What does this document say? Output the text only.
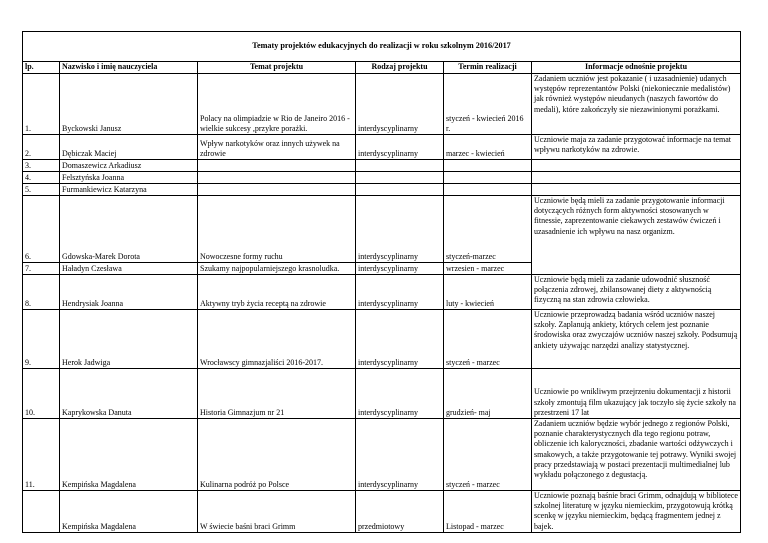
Tematy projektów edukacyjnych do realizacji w roku szkolnym 2016/2017					
lp.	Nazwisko i imię nauczyciela	Temat projektu	Rodzaj projektu	Termin realizacji	Informacje odnośnie projektu
1.	Byckowski Janusz	Polacy na olimpiadzie w Rio de Janeiro 2016 - wielkie sukcesy ,przykre porażki.	interdyscyplinarny	styczeń - kwiecień 2016 r.	Zadaniem uczniów jest pokazanie ( i uzasadnienie) udanych występów reprezentantów Polski (niekoniecznie medalistów) jak również występów nieudanych (naszych fawortów do medali), które zakończyły sie niezawinionymi porażkami.
2.	Dębiczak Maciej	Wpływ narkotyków oraz innych używek na zdrowie	interdyscyplinarny	marzec - kwiecień	Uczniowie maja za zadanie przygotować informacje na temat wpływu narkotyków na zdrowie.
3.	Domaszewicz Arkadiusz				
4.	Felsztyńska Joanna				
5.	Furmankiewicz Katarzyna				
6.	Gdowska-Marek Dorota	Nowoczesne formy ruchu	interdyscyplinarny	styczeń-marzec	Uczniowie będą mieli za zadanie przygotowanie informacji dotyczących różnych form aktywności stosowanych w fitnessie, zaprezentowanie ciekawych zestawów ćwiczeń i uzasadnienie ich wpływu na nasz organizm.
7.	Haładyn Czesława	Szukamy najpopularniejszego krasnoludka.	interdyscyplinarny	wrzesien - marzec	
8.	Hendrysiak Joanna	Aktywny tryb życia receptą na zdrowie	interdyscyplinarny	luty - kwiecień	Uczniowie będą mieli za zadanie udowodnić słuszność połączenia zdrowej, zbilansowanej diety z aktywnością fizyczną na stan zdrowia człowieka.
9.	Herok Jadwiga	Wrocławscy gimnazjaliści 2016-2017.	interdyscyplinarny	styczeń - marzec	Uczniowie przeprowadzą badania wśród uczniów naszej szkoły. Zaplanują ankiety, których celem jest poznanie środowiska oraz zwyczajów uczniów naszej szkoły. Podsumują ankiety używając narzędzi analizy statystycznej.
10.	Kaprykowska Danuta	Historia Gimnazjum nr 21	interdyscyplinarny	grudzień- maj	Uczniowie po wnikliwym przejrzeniu dokumentacji z historii szkoły zmontują film ukazujący jak toczyło się życie szkoły na przestrzeni 17 lat
11.	Kempińska Magdalena	Kulinarna podróż po Polsce	interdyscyplinarny	styczeń - marzec	Zadaniem uczniów będzie wybór jednego z regionów Polski, poznanie charakterystycznych dla tego regionu potraw, obliczenie ich kaloryczności, zbadanie wartości odżywczych i smakowych, a także przygotowanie tej potrawy. Wyniki swojej pracy przedstawiają w postaci prezentacji multimedialnej lub wykładu połączonego z degustacją.
	Kempińska Magdalena	W świecie baśni braci Grimm	przedmiotowy	Listopad - marzec	Uczniowie poznają baśnie braci Grimm, odnajdują w bibliotece szkolnej literaturę w języku niemieckim, przygotowują krótką scenkę w języku niemieckim, będącą fragmentem jednej z bajek.
